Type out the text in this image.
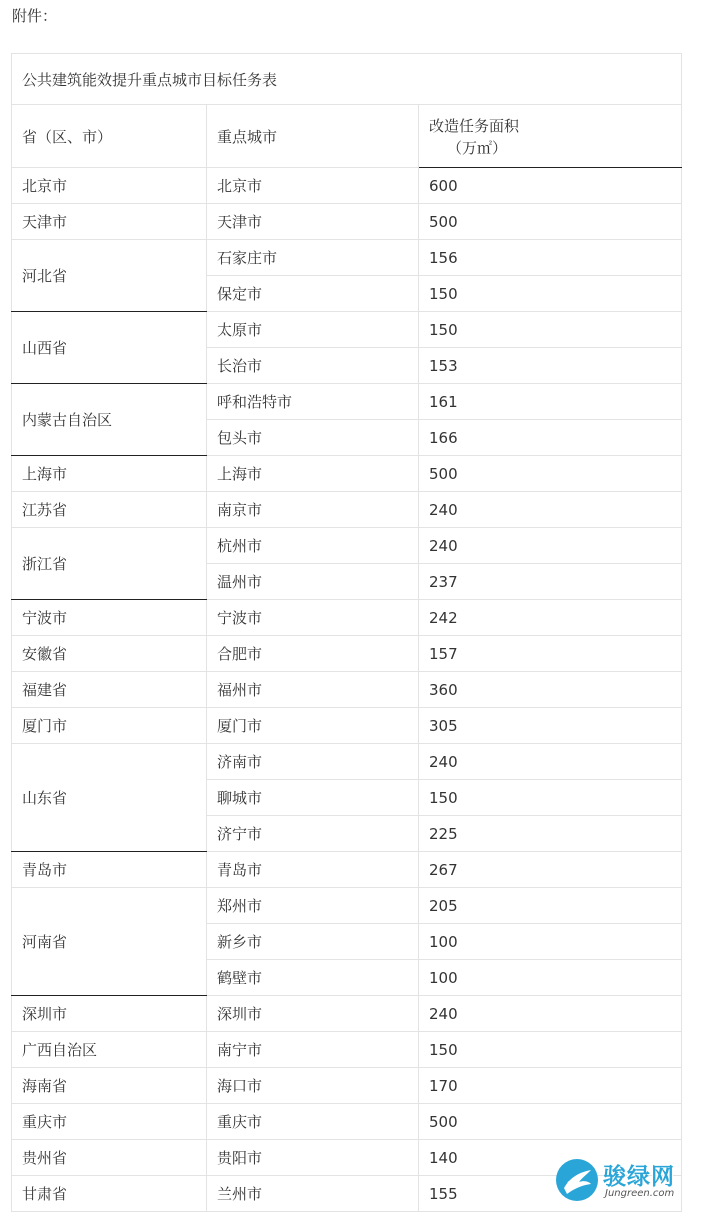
附件：
公共建筑能效提升重点城市目标任务表		
省（区、市）	重点城市	改造任务面积
（万㎡）

北京市	北京市	600
天津市	天津市	500
河北省	石家庄市	156
	保定市	150
山西省	太原市	150
	长治市	153
内蒙古自治区	呼和浩特市	161
	包头市	166
上海市	上海市	500
江苏省	南京市	240
浙江省	杭州市	240
	温州市	237
宁波市	宁波市	242
安徽省	合肥市	157
福建省	福州市	360
厦门市	厦门市	305
山东省	济南市	240
	聊城市	150
	济宁市	225
青岛市	青岛市	267
河南省	郑州市	205
	新乡市	100
	鹤壁市	100
深圳市	深圳市	240
广西自治区	南宁市	150
海南省	海口市	170
重庆市	重庆市	500
贵州省	贵阳市	140
甘肃省	兰州市	155
骏绿网
Jungreen.com
